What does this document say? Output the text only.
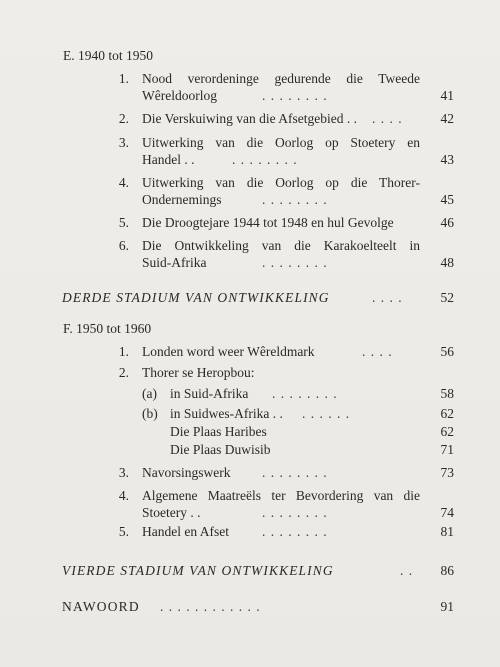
E. 1940 tot 1950
1. Nood verordeninge gedurende die Tweede
Wêreldoorlog	. . . . . . . .	41
2. Die Verskuiwing van die Afsetgebied . . . . . .	42
3. Uitwerking van die Oorlog op Stoetery en
Handel . .	. . . . . . . .	43
4. Uitwerking van die Oorlog op die Thorer-
Ondernemings	. . . . . . . .	45
5. Die Droogtejare 1944 tot 1948 en hul Gevolge	46
6. Die Ontwikkeling van die Karakoelteelt in
Suid-Afrika	. . . . . . . .	48
DERDE STADIUM VAN ONTWIKKELING	. . . .	52
F. 1950 tot 1960
1. Londen word weer Wêreldmark	. . . .	56
2. Thorer se Heropbou:
(a) in Suid-Afrika . . . . . . . .	58
(b) in Suidwes-Afrika . . . . . . . .	62
Die Plaas Haribes	62
Die Plaas Duwisib	71
3. Navorsingswerk . . . . . . . .	73
4. Algemene Maatreëls ter Bevordering van die
Stoetery . .	. . . . . . . .	74
5. Handel en Afset . . . . . . . .	81
VIERDE STADIUM VAN ONTWIKKELING	. . 86
NAWOORD . . . . . . . . . . . .	91
